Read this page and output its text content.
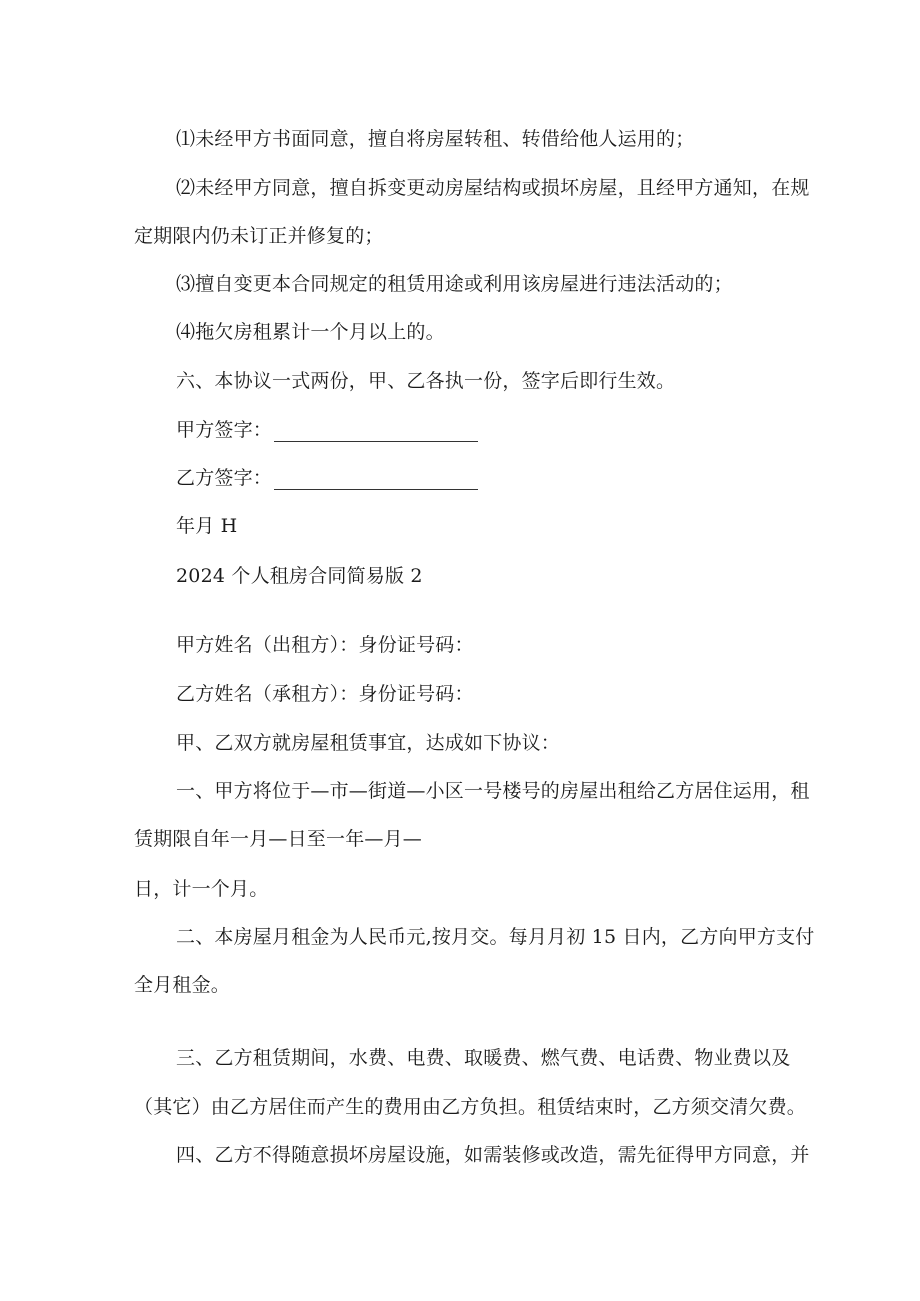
⑴未经甲方书面同意，擅自将房屋转租、转借给他人运用的；
⑵未经甲方同意，擅自拆变更动房屋结构或损坏房屋，且经甲方通知，在规
定期限内仍未订正并修复的；
⑶擅自变更本合同规定的租赁用途或利用该房屋进行违法活动的；
⑷拖欠房租累计一个月以上的。
六、本协议一式两份，甲、乙各执一份，签字后即行生效。
甲方签字：
乙方签字：
年月 H
2024 个人租房合同简易版 2
甲方姓名（出租方）：身份证号码：
乙方姓名（承租方）：身份证号码：
甲、乙双方就房屋租赁事宜，达成如下协议：
一、甲方将位于—市—街道—小区一号楼号的房屋出租给乙方居住运用，租
赁期限自年一月—日至一年—月—
日，计一个月。
二、本房屋月租金为人民币元,按月交。每月月初 15 日内，乙方向甲方支付
全月租金。
三、乙方租赁期间，水费、电费、取暖费、燃气费、电话费、物业费以及
（其它）由乙方居住而产生的费用由乙方负担。租赁结束时，乙方须交清欠费。
四、乙方不得随意损坏房屋设施，如需装修或改造，需先征得甲方同意，并
